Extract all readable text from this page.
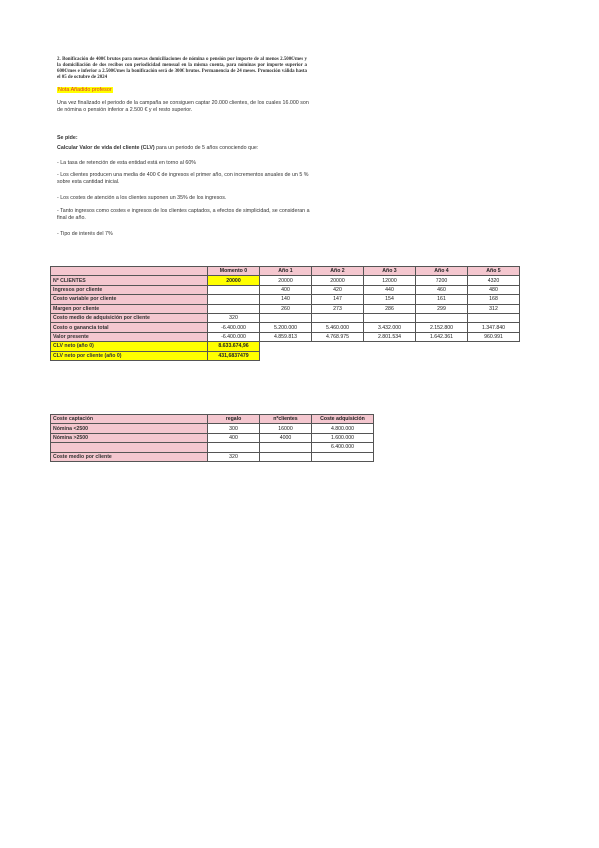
2. Bonificación de 400€ brutos para nuevas domiciliaciones de nómina o pensión por importe de al menos 2.500€/mes y la domiciliación de dos recibos con periodicidad mensual en la misma cuenta, para nóminas por importe superior a 600€/mes e inferior a 2.500€/mes la bonificación será de 300€ brutos. Permanencia de 24 meses. Promoción válida hasta el 05 de octubre de 2024
Nota Añadido profesor
Una vez finalizado el periodo de la campaña se consiguen captar 20.000 clientes, de los cuales 16.000 son de nómina o pensión inferior a 2.500 € y el resto superior.
Se pide:
Calcular Valor de vida del cliente (CLV) para un periodo de 5 años conociendo que:
- La tasa de retención de esta entidad está en torno al 60%
- Los clientes producen una media de 400 € de ingresos el primer año, con incrementos anuales de un 5 % sobre esta cantidad inicial.
- Los costes de atención a los clientes suponen un 35% de los ingresos.
- Tanto ingresos como costes e ingresos de los clientes captados, a efectos de simplicidad, se consideran a final de año.
- Tipo de interés del 7%
	Momento 0	Año 1	Año 2	Año 3	Año 4	Año 5
Nº CLIENTES	20000	20000	20000	12000	7200	4320
Ingresos por cliente		400	420	440	460	480
Costo variable por cliente		140	147	154	161	168
Margen por cliente		260	273	286	299	312
Costo medio de adquisición por cliente	320					
Costo o ganancia total	-6.400.000	5.200.000	5.460.000	3.432.000	2.152.800	1.347.840
Valor presente	-6.400.000	4.859.813	4.768.975	2.801.534	1.642.361	960.991
CLV neto (año 0)	8.633.674,96					
CLV neto por cliente (año 0)	431,6837479					
Coste captación	regalo	nºclientes	Coste adquisición
Nómina <2500	300	16000	4.800.000
Nómina >2500	400	4000	1.600.000
			6.400.000
Coste medio por cliente	320		
